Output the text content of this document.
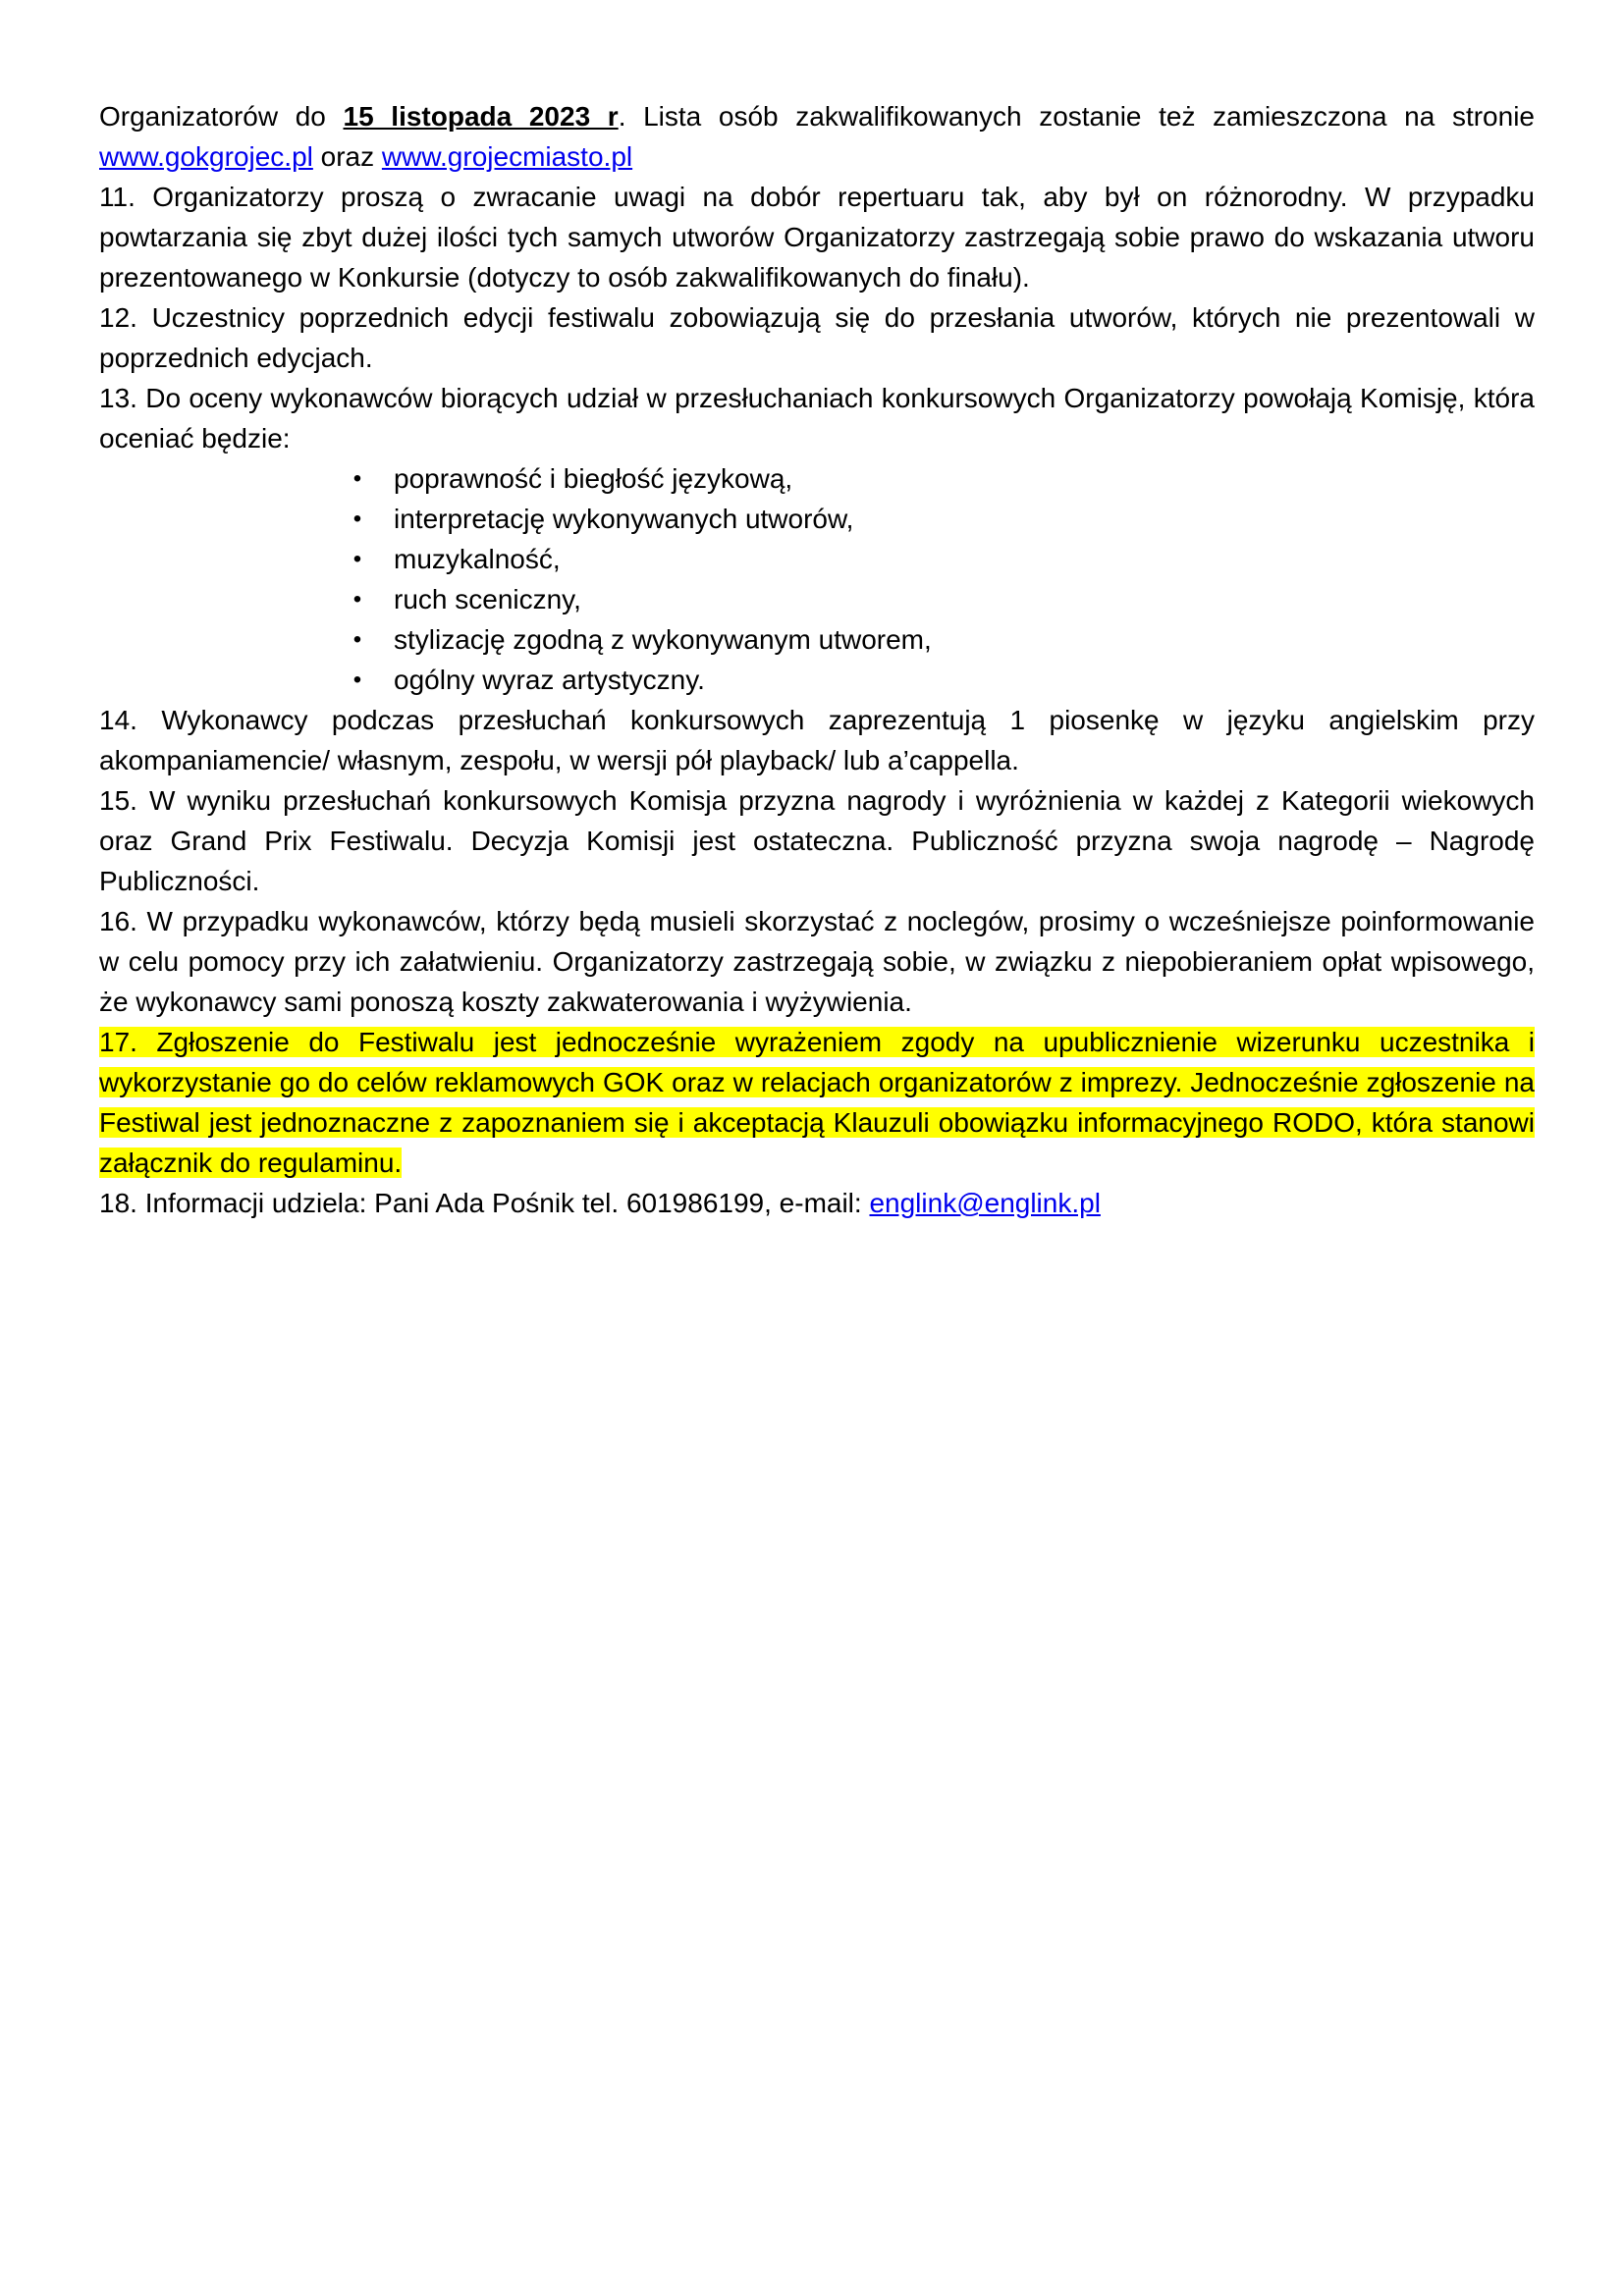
Organizatorów do 15 listopada 2023 r. Lista osób zakwalifikowanych zostanie też zamieszczona na stronie www.gokgrojec.pl oraz www.grojecmiasto.pl

11. Organizatorzy proszą o zwracanie uwagi na dobór repertuaru tak, aby był on różnorodny. W przypadku powtarzania się zbyt dużej ilości tych samych utworów Organizatorzy zastrzegają sobie prawo do wskazania utworu prezentowanego w Konkursie (dotyczy to osób zakwalifikowanych do finału).

12. Uczestnicy poprzednich edycji festiwalu zobowiązują się do przesłania utworów, których nie prezentowali w poprzednich edycjach.

13. Do oceny wykonawców biorących udział w przesłuchaniach konkursowych Organizatorzy powołają Komisję, która oceniać będzie:

• poprawność i biegłość językową,
• interpretację wykonywanych utworów,
• muzykalność,
• ruch sceniczny,
• stylizację zgodną z wykonywanym utworem,
• ogólny wyraz artystyczny.

14. Wykonawcy podczas przesłuchań konkursowych zaprezentują 1 piosenkę w języku angielskim przy akompaniamencie/ własnym, zespołu, w wersji pół playback/ lub a’cappella.

15. W wyniku przesłuchań konkursowych Komisja przyzna nagrody i wyróżnienia w każdej z Kategorii wiekowych oraz Grand Prix Festiwalu. Decyzja Komisji jest ostateczna. Publiczność przyzna swoja nagrodę – Nagrodę Publiczności.

16. W przypadku wykonawców, którzy będą musieli skorzystać z noclegów, prosimy o wcześniejsze poinformowanie w celu pomocy przy ich załatwieniu. Organizatorzy zastrzegają sobie, w związku z niepobieraniem opłat wpisowego, że wykonawcy sami ponoszą koszty zakwaterowania i wyżywienia.

17. Zgłoszenie do Festiwalu jest jednocześnie wyrażeniem zgody na upublicznienie wizerunku uczestnika i wykorzystanie go do celów reklamowych GOK oraz w relacjach organizatorów z imprezy. Jednocześnie zgłoszenie na Festiwal jest jednoznaczne z zapoznaniem się i akceptacją Klauzuli obowiązku informacyjnego RODO, która stanowi załącznik do regulaminu.

18. Informacji udziela: Pani Ada Pośnik tel. 601986199, e-mail: englink@englink.pl
